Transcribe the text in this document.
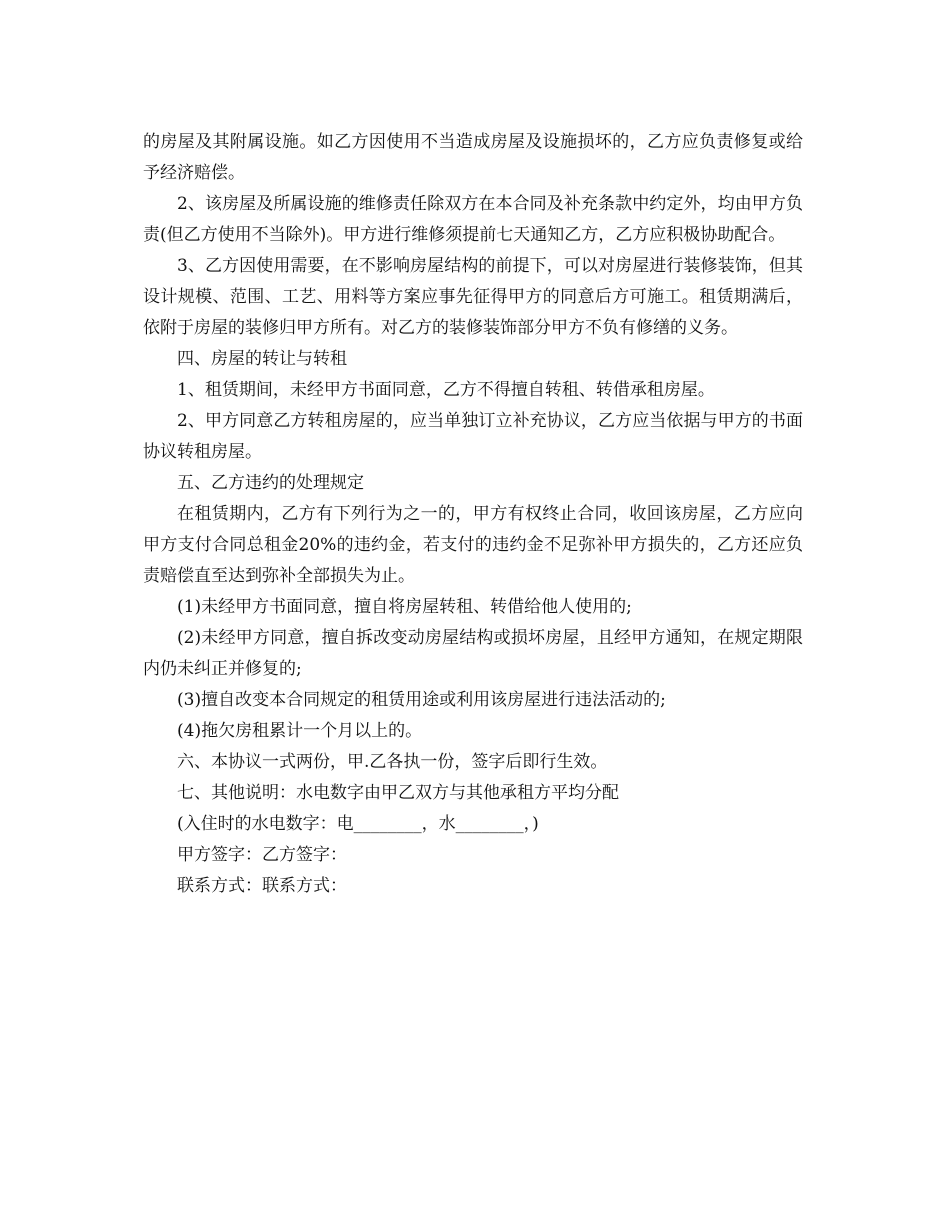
的房屋及其附属设施。如乙方因使用不当造成房屋及设施损坏的，乙方应负责修复或给予经济赔偿。

2、该房屋及所属设施的维修责任除双方在本合同及补充条款中约定外，均由甲方负责(但乙方使用不当除外)。甲方进行维修须提前七天通知乙方，乙方应积极协助配合。

3、乙方因使用需要，在不影响房屋结构的前提下，可以对房屋进行装修装饰，但其设计规模、范围、工艺、用料等方案应事先征得甲方的同意后方可施工。租赁期满后，依附于房屋的装修归甲方所有。对乙方的装修装饰部分甲方不负有修缮的义务。

四、房屋的转让与转租

1、租赁期间，未经甲方书面同意，乙方不得擅自转租、转借承租房屋。

2、甲方同意乙方转租房屋的，应当单独订立补充协议，乙方应当依据与甲方的书面协议转租房屋。

五、乙方违约的处理规定

在租赁期内，乙方有下列行为之一的，甲方有权终止合同，收回该房屋，乙方应向甲方支付合同总租金20%的违约金，若支付的违约金不足弥补甲方损失的，乙方还应负责赔偿直至达到弥补全部损失为止。

(1)未经甲方书面同意，擅自将房屋转租、转借给他人使用的;

(2)未经甲方同意，擅自拆改变动房屋结构或损坏房屋，且经甲方通知，在规定期限内仍未纠正并修复的;

(3)擅自改变本合同规定的租赁用途或利用该房屋进行违法活动的;

(4)拖欠房租累计一个月以上的。

六、本协议一式两份，甲.乙各执一份，签字后即行生效。

七、其他说明：水电数字由甲乙双方与其他承租方平均分配

(入住时的水电数字：电________，水________，)

甲方签字：乙方签字：

联系方式：联系方式：
